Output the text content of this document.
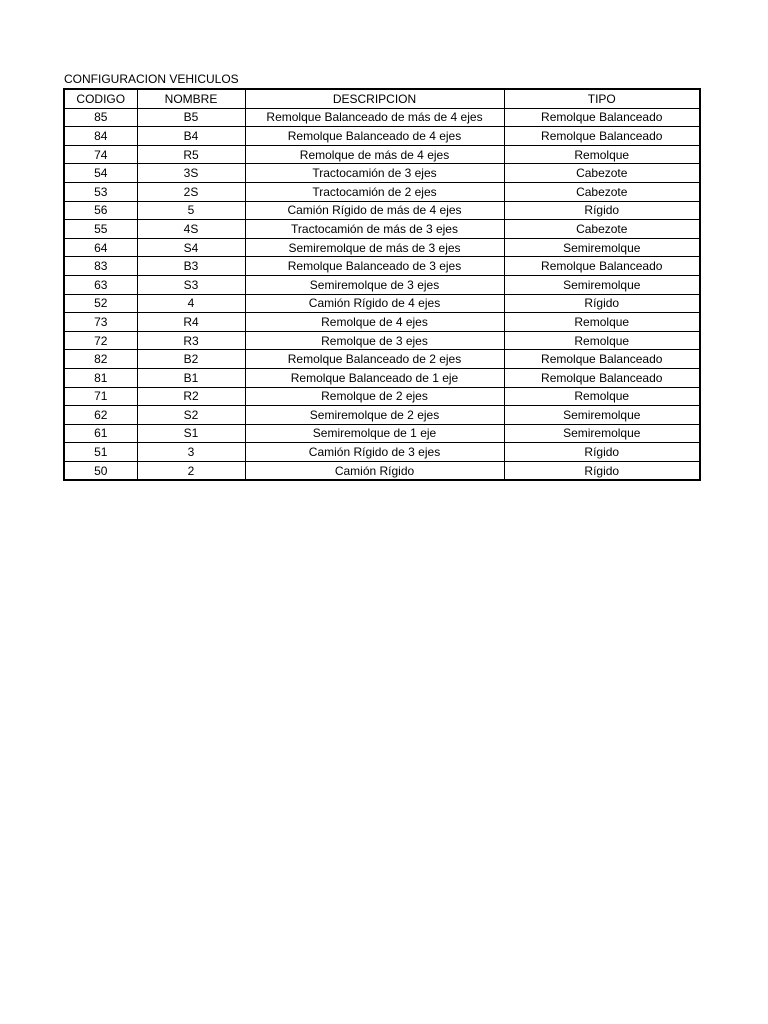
CONFIGURACION VEHICULOS
CODIGO	NOMBRE	DESCRIPCION	TIPO
85	B5	Remolque Balanceado de más de 4 ejes	Remolque Balanceado
84	B4	Remolque Balanceado de 4 ejes	Remolque Balanceado
74	R5	Remolque de más de 4 ejes	Remolque
54	3S	Tractocamión de 3 ejes	Cabezote
53	2S	Tractocamión de 2 ejes	Cabezote
56	5	Camión Rígido de más de 4 ejes	Rígido
55	4S	Tractocamión de más de 3 ejes	Cabezote
64	S4	Semiremolque de más de 3 ejes	Semiremolque
83	B3	Remolque Balanceado de 3 ejes	Remolque Balanceado
63	S3	Semiremolque de 3 ejes	Semiremolque
52	4	Camión Rígido de 4 ejes	Rígido
73	R4	Remolque de 4 ejes	Remolque
72	R3	Remolque de 3 ejes	Remolque
82	B2	Remolque Balanceado de 2 ejes	Remolque Balanceado
81	B1	Remolque Balanceado de 1 eje	Remolque Balanceado
71	R2	Remolque de 2 ejes	Remolque
62	S2	Semiremolque de 2 ejes	Semiremolque
61	S1	Semiremolque de 1 eje	Semiremolque
51	3	Camión Rígido de 3 ejes	Rígido
50	2	Camión Rígido	Rígido
